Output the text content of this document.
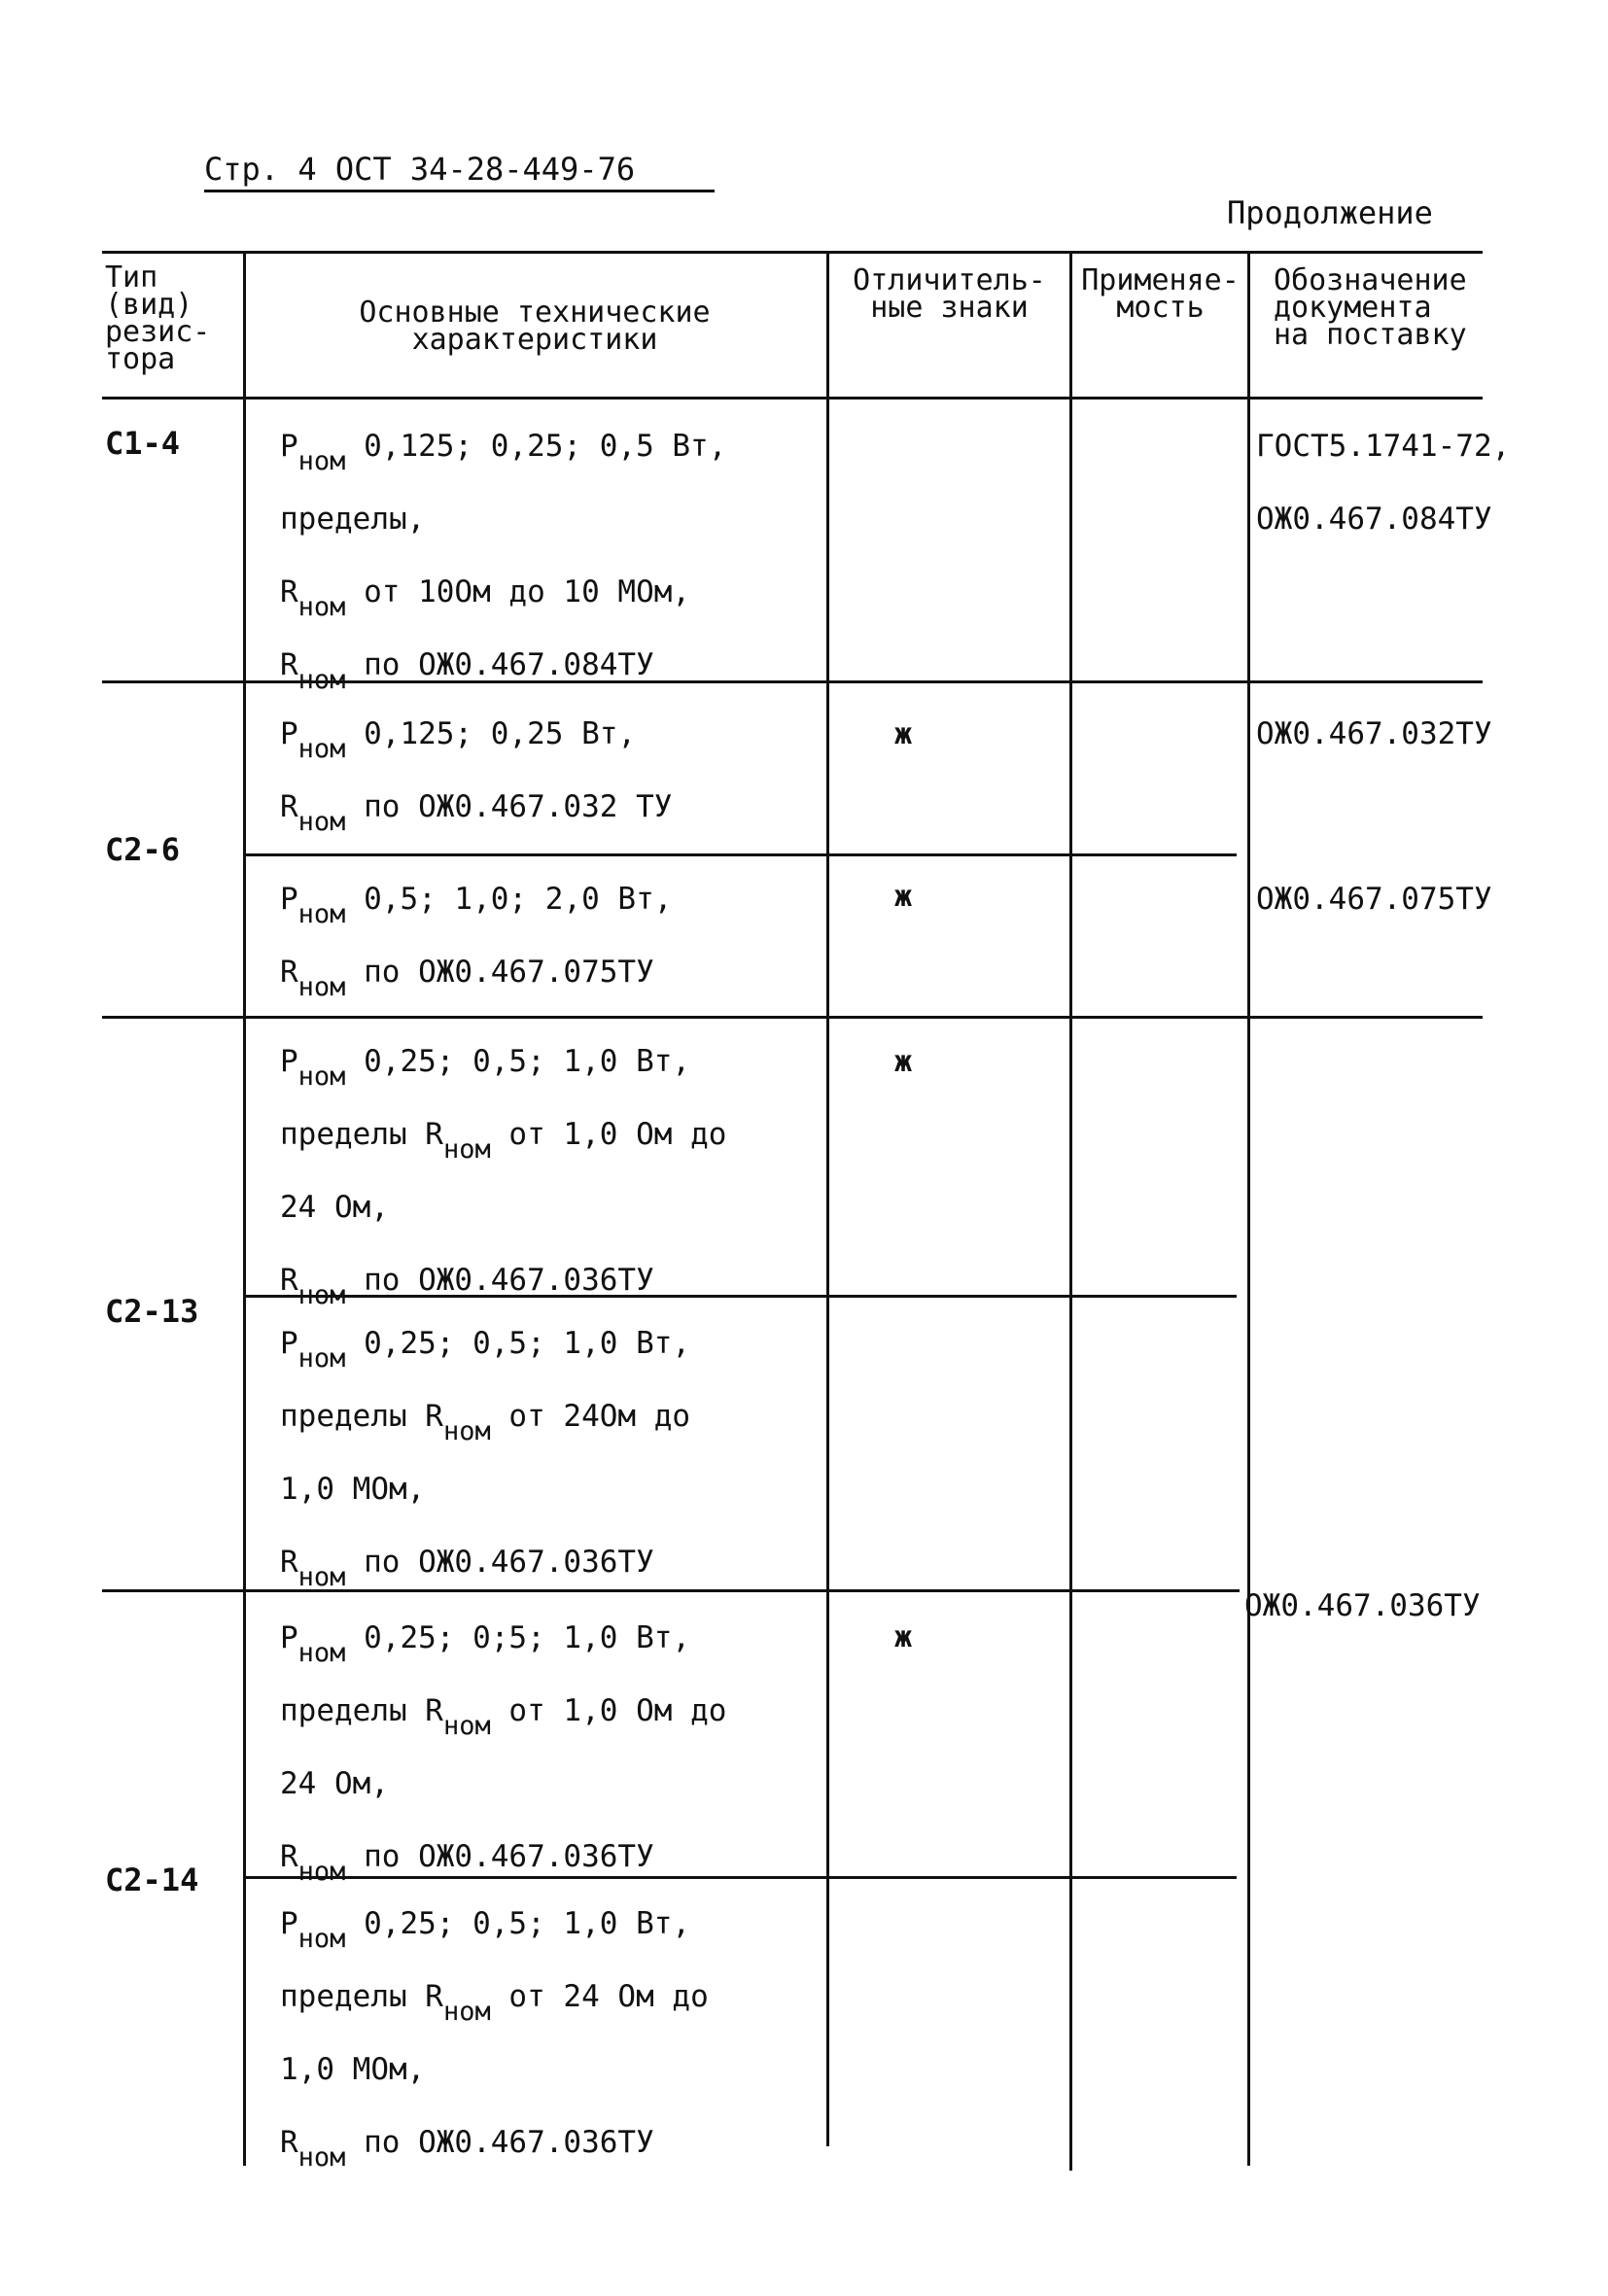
Стр. 4 ОСТ 34-28-449-76
Продолжение
Тип
(вид)
резис-
тора
Основные технические
характеристики
Отличитель-
ные знаки
Применяе-
мость
Обозначение
документа
на поставку
С1-4
С2-6
С2-13
С2-14
Pном 0,125; 0,25; 0,5 Вт,
пределы,
Rном от 10Ом до 10 МОм,
Rном по ОЖ0.467.084ТУ
Pном 0,125; 0,25 Вт,
Rном по ОЖ0.467.032 ТУ
Pном 0,5; 1,0; 2,0 Вт,
Rном по ОЖ0.467.075ТУ
Pном 0,25; 0,5; 1,0 Вт,
пределы Rном от 1,0 Ом до
24 Ом,
Rном по ОЖ0.467.036ТУ
Pном 0,25; 0,5; 1,0 Вт,
пределы Rном от 24Ом до
1,0 МОм,
Rном по ОЖ0.467.036ТУ
Pном 0,25; 0;5; 1,0 Вт,
пределы Rном от 1,0 Ом до
24 Ом,
Rном по ОЖ0.467.036ТУ
Pном 0,25; 0,5; 1,0 Вт,
пределы Rном от 24 Ом до
1,0 МОм,
Rном по ОЖ0.467.036ТУ
ж
ж
ж
ж
ГОСТ5.1741-72,
ОЖ0.467.084ТУ
ОЖ0.467.032ТУ
ОЖ0.467.075ТУ
ОЖ0.467.036ТУ
